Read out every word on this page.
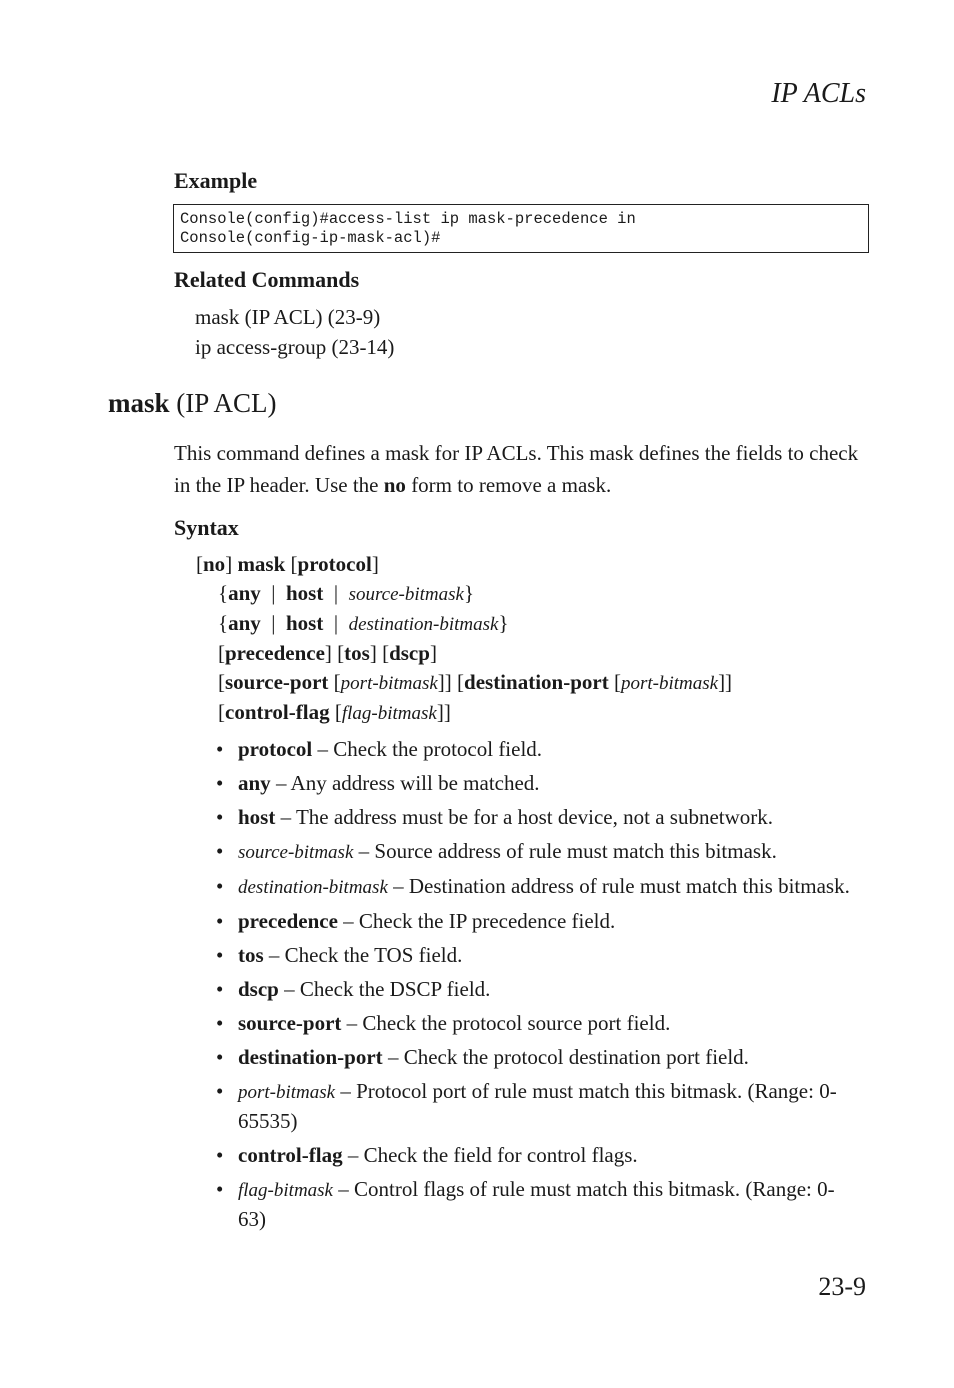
IP ACLs
Example
Console(config)#access-list ip mask-precedence in
Console(config-ip-mask-acl)#
Related Commands
mask (IP ACL) (23-9)
ip access-group (23-14)
mask (IP ACL)
This command defines a mask for IP ACLs. This mask defines the fields to check in the IP header. Use the no form to remove a mask.
Syntax
[no] mask [protocol]
{any  |  host  |  source-bitmask}
{any  |  host  |  destination-bitmask}
[precedence] [tos] [dscp]
[source-port [port-bitmask]] [destination-port [port-bitmask]]
[control-flag [flag-bitmask]]
• protocol – Check the protocol field.
• any – Any address will be matched.
• host – The address must be for a host device, not a subnetwork.
• source-bitmask – Source address of rule must match this bitmask.
• destination-bitmask – Destination address of rule must match this bitmask.
• precedence – Check the IP precedence field.
• tos – Check the TOS field.
• dscp – Check the DSCP field.
• source-port – Check the protocol source port field.
• destination-port – Check the protocol destination port field.
• port-bitmask – Protocol port of rule must match this bitmask. (Range: 0-65535)
• control-flag – Check the field for control flags.
• flag-bitmask – Control flags of rule must match this bitmask. (Range: 0-63)
23-9
